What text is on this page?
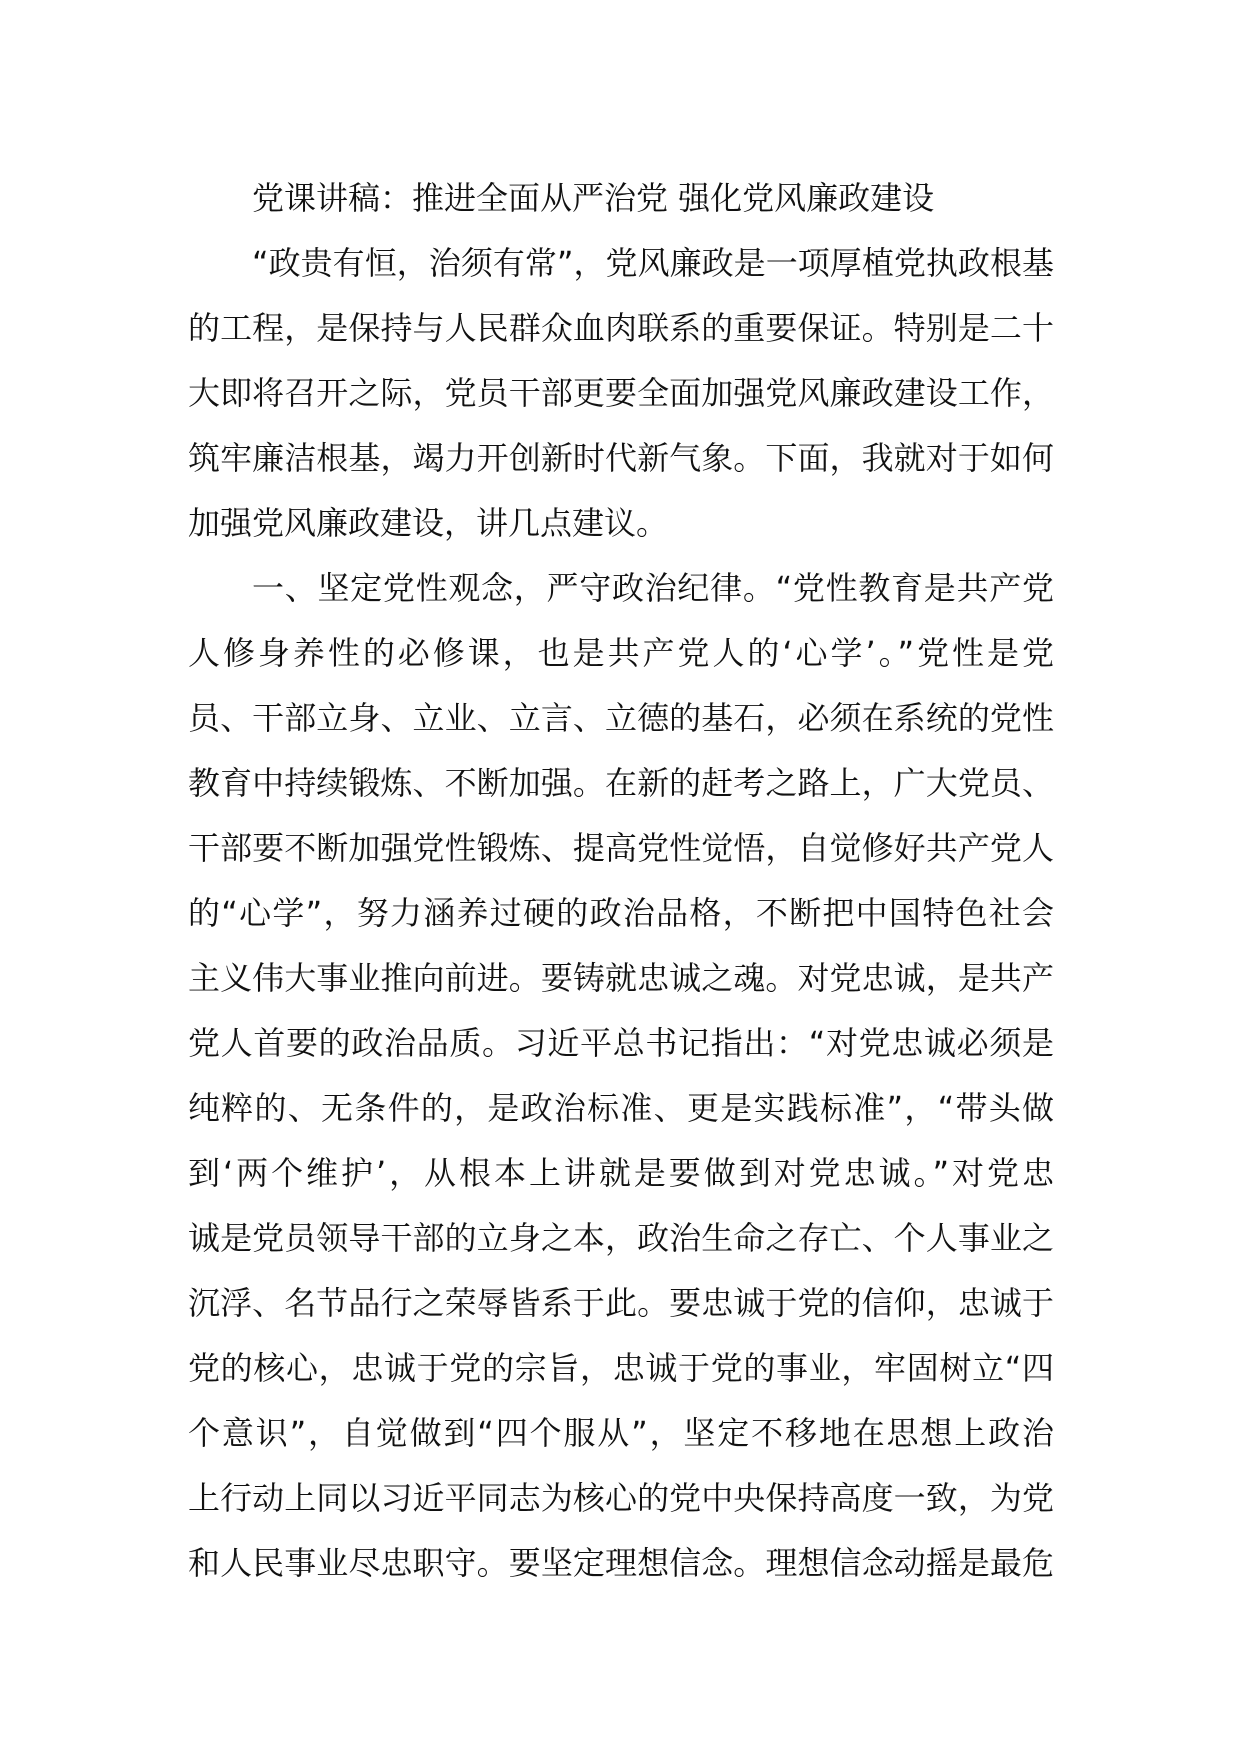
党课讲稿：推进全面从严治党 强化党风廉政建设
“政贵有恒，治须有常”，党风廉政是一项厚植党执政根基
的工程，是保持与人民群众血肉联系的重要保证。特别是二十
大即将召开之际，党员干部更要全面加强党风廉政建设工作，
筑牢廉洁根基，竭力开创新时代新气象。下面，我就对于如何
加强党风廉政建设，讲几点建议。
一、坚定党性观念，严守政治纪律。“党性教育是共产党
人修身养性的必修课，也是共产党人的‘心学’。”党性是党
员、干部立身、立业、立言、立德的基石，必须在系统的党性
教育中持续锻炼、不断加强。在新的赶考之路上，广大党员、
干部要不断加强党性锻炼、提高党性觉悟，自觉修好共产党人
的“心学”，努力涵养过硬的政治品格，不断把中国特色社会
主义伟大事业推向前进。要铸就忠诚之魂。对党忠诚，是共产
党人首要的政治品质。习近平总书记指出：“对党忠诚必须是
纯粹的、无条件的，是政治标准、更是实践标准”，“带头做
到‘两个维护’，从根本上讲就是要做到对党忠诚。”对党忠
诚是党员领导干部的立身之本，政治生命之存亡、个人事业之
沉浮、名节品行之荣辱皆系于此。要忠诚于党的信仰，忠诚于
党的核心，忠诚于党的宗旨，忠诚于党的事业，牢固树立“四
个意识”，自觉做到“四个服从”，坚定不移地在思想上政治
上行动上同以习近平同志为核心的党中央保持高度一致，为党
和人民事业尽忠职守。要坚定理想信念。理想信念动摇是最危
